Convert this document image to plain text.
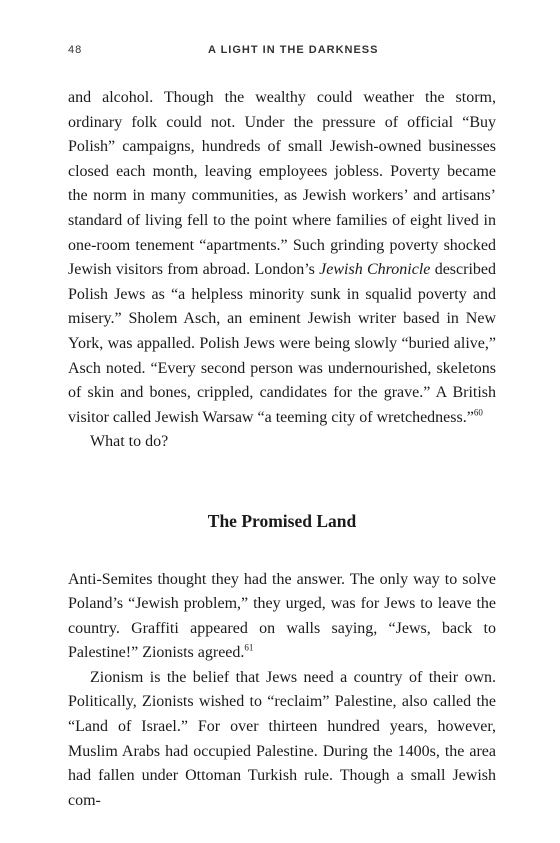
48	A LIGHT IN THE DARKNESS

and alcohol. Though the wealthy could weather the storm, ordinary folk could not. Under the pressure of official “Buy Polish” campaigns, hundreds of small Jewish-owned businesses closed each month, leaving employees jobless. Poverty became the norm in many communities, as Jewish workers’ and artisans’ standard of living fell to the point where families of eight lived in one-room tenement “apartments.” Such grinding poverty shocked Jewish visitors from abroad. London’s Jewish Chronicle described Polish Jews as “a helpless minority sunk in squalid poverty and misery.” Sholem Asch, an eminent Jewish writer based in New York, was appalled. Polish Jews were being slowly “buried alive,” Asch noted. “Every second person was undernourished, skeletons of skin and bones, crippled, candidates for the grave.” A British visitor called Jewish Warsaw “a teeming city of wretchedness.”$^{60}$

What to do?

The Promised Land

Anti-Semites thought they had the answer. The only way to solve Poland’s “Jewish problem,” they urged, was for Jews to leave the country. Graffiti appeared on walls saying, “Jews, back to Palestine!” Zionists agreed.$^{61}$

Zionism is the belief that Jews need a country of their own. Politically, Zionists wished to “reclaim” Palestine, also called the “Land of Israel.” For over thirteen hundred years, however, Muslim Arabs had occupied Palestine. During the 1400s, the area had fallen under Ottoman Turkish rule. Though a small Jewish com-
